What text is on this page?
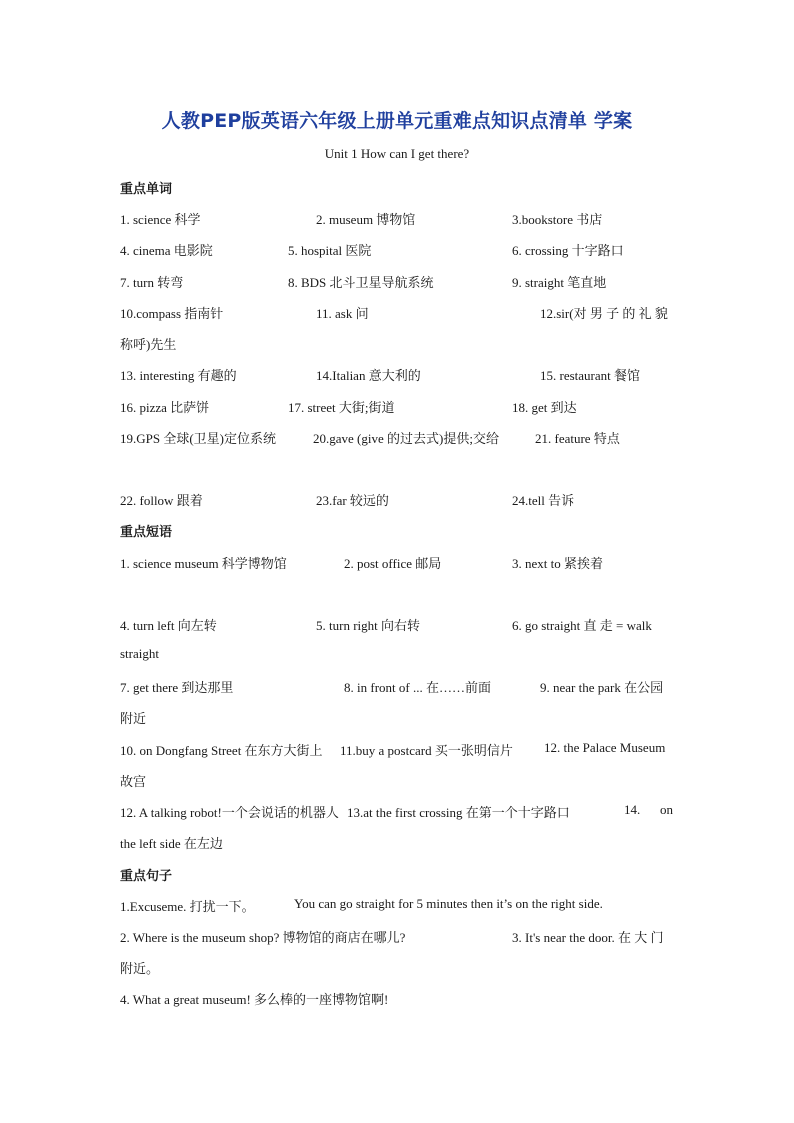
人教PEP版英语六年级上册单元重难点知识点清单 学案
Unit 1 How can I get there?
重点单词
1. science 科学	2. museum 博物馆	3.bookstore 书店
4. cinema 电影院	5. hospital 医院	6. crossing 十字路口
7. turn 转弯	8. BDS 北斗卫星导航系统	9. straight 笔直地
10.compass 指南针	11. ask 问	12.sir(对 男 子 的 礼 貌
称呼)先生
13. interesting 有趣的	14.Italian 意大利的	15. restaurant 餐馆
16. pizza 比萨饼	17. street 大街;街道	18. get 到达
19.GPS 全球(卫星)定位系统	20.gave (give 的过去式)提供;交给	21. feature 特点
22. follow 跟着	23.far 较远的	24.tell 告诉
重点短语
1. science museum 科学博物馆	2. post office 邮局	3. next to 紧挨着
4. turn left 向左转	5. turn right 向右转	6. go straight 直 走 = walk
straight
7. get there 到达那里	8. in front of ... 在……前面	9. near the park 在公园
附近
10. on Dongfang Street 在东方大街上 11.buy a postcard 买一张明信片 12. the Palace Museum
故宫
12. A talking robot!一个会说话的机器人 13.at the first crossing 在第一个十字路口	14. on
the left side 在左边
重点句子
1.Excuseme. 打扰一下。	You can go straight for 5 minutes then it’s on the right side.
2. Where is the museum shop? 博物馆的商店在哪儿?	3. It's near the door. 在 大 门
附近。
4. What a great museum! 多么棒的一座博物馆啊!
